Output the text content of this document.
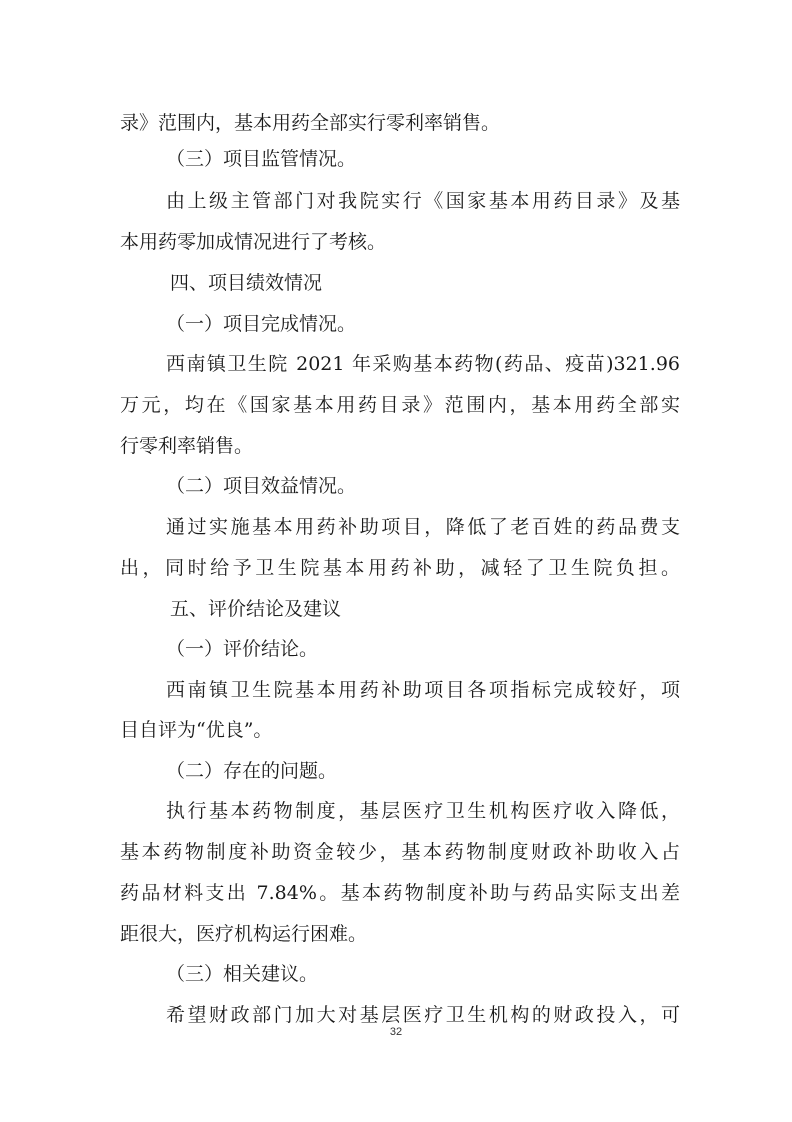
录》范围内，基本用药全部实行零利率销售。
（三）项目监管情况。
由上级主管部门对我院实行《国家基本用药目录》及基
本用药零加成情况进行了考核。
四、项目绩效情况
（一）项目完成情况。
西南镇卫生院 2021 年采购基本药物(药品、疫苗)321.96
万元，均在《国家基本用药目录》范围内，基本用药全部实
行零利率销售。
（二）项目效益情况。
通过实施基本用药补助项目，降低了老百姓的药品费支
出，同时给予卫生院基本用药补助，减轻了卫生院负担。
五、评价结论及建议
（一）评价结论。
西南镇卫生院基本用药补助项目各项指标完成较好，项
目自评为“优良”。
（二）存在的问题。
执行基本药物制度，基层医疗卫生机构医疗收入降低，
基本药物制度补助资金较少，基本药物制度财政补助收入占
药品材料支出 7.84%。基本药物制度补助与药品实际支出差
距很大，医疗机构运行困难。
（三）相关建议。
希望财政部门加大对基层医疗卫生机构的财政投入，可
32
